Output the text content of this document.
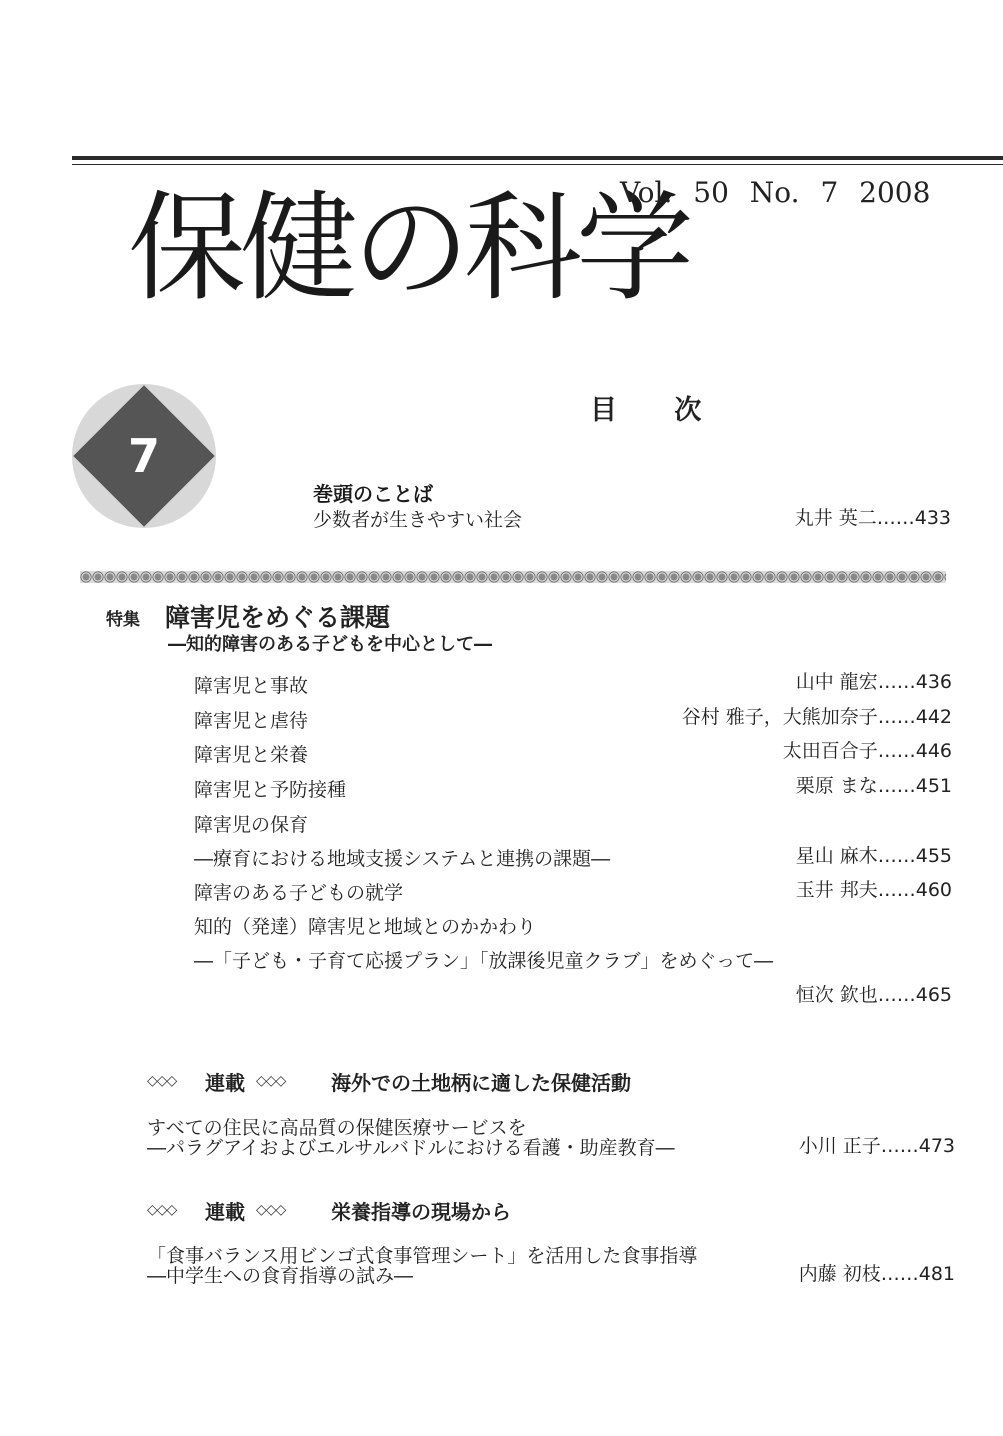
保健の科学
Vol. 50 No. 7 2008
7
目 次
巻頭のことば
少数者が生きやすい社会	丸井 英二……433
特集 障害児をめぐる課題
―知的障害のある子どもを中心として―
障害児と事故	山中 龍宏……436
障害児と虐待	谷村 雅子，大熊加奈子……442
障害児と栄養	太田百合子……446
障害児と予防接種	栗原 まな……451
障害児の保育
―療育における地域支援システムと連携の課題―	星山 麻木……455
障害のある子どもの就学	玉井 邦夫……460
知的（発達）障害児と地域とのかかわり
―「子ども・子育て応援プラン」「放課後児童クラブ」をめぐって―
恒次 欽也……465
◇◇◇ 連載 ◇◇◇ 海外での土地柄に適した保健活動
すべての住民に高品質の保健医療サービスを
―パラグアイおよびエルサルバドルにおける看護・助産教育―	小川 正子……473
◇◇◇ 連載 ◇◇◇ 栄養指導の現場から
「食事バランス用ビンゴ式食事管理シート」を活用した食事指導
―中学生への食育指導の試み―	内藤 初枝……481
